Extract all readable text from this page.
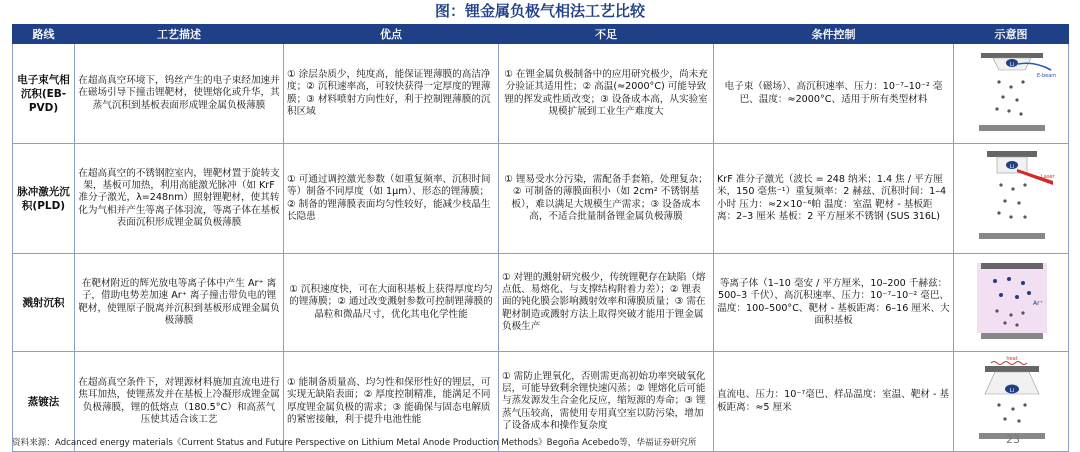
图：锂金属负极气相法工艺比较
路线	工艺描述	优点	不足	条件控制	示意图
电子束气相沉积(EB-PVD)	在超高真空环境下，钨丝产生的电子束经加速并在磁场引导下撞击锂靶材，使锂熔化或升华，其蒸气沉积到基板表面形成锂金属负极薄膜	① 涂层杂质少，纯度高，能保证锂薄膜的高洁净度；② 沉积速率高，可较快获得一定厚度的锂薄膜；③ 材料喷射方向性好，利于控制锂薄膜的沉积区域	① 在锂金属负极制备中的应用研究极少，尚未充分验证其适用性；② 高温(≈2000°C) 可能导致锂的挥发或性质改变；③ 设备成本高，从实验室规模扩展到工业生产难度大	电子束（磁场）、高沉积速率、压力：10⁻⁷–10⁻² 毫巴、温度：≈2000°C、适用于所有类型材料	Li
E-beam

脉冲激光沉积(PLD)	在超高真空的不锈钢腔室内，锂靶材置于旋转支架，基板可加热，利用高能激光脉冲（如 KrF 准分子激光，λ=248nm）照射锂靶材，使其转化为气相并产生等离子体羽流，等离子体在基板表面沉积形成锂金属负极薄膜	① 可通过调控激光参数（如重复频率、沉积时间等）制备不同厚度（如 1μm）、形态的锂薄膜；② 制备的锂薄膜表面均匀性较好，能减少枝晶生长隐患	① 锂易受水分污染，需配备手套箱，处理复杂；② 可制备的薄膜面积小（如 2cm² 不锈钢基板），难以满足大规模生产需求；③ 设备成本高，不适合批量制备锂金属负极薄膜	KrF 准分子激光（波长 = 248 纳米；1.4 焦 / 平方厘米，150 毫焦⁻¹）重复频率：2 赫兹、沉积时间：1–4 小时 压力：≈2×10⁻⁶帕 温度：室温 靶材 - 基板距离：2–3 厘米 基板：2 平方厘米不锈钢 (SUS 316L)	Li
Laser

溅射沉积	在靶材附近的辉光放电等离子体中产生 Ar⁺ 离子，借助电势差加速 Ar⁺ 离子撞击带负电的锂靶材，使锂原子脱离并沉积到基板形成锂金属负极薄膜	① 沉积速度快，可在大面积基板上获得厚度均匀的锂薄膜；② 通过改变溅射参数可控制锂薄膜的晶粒和微晶尺寸，优化其电化学性能	① 对锂的溅射研究极少，传统锂靶存在缺陷（熔点低、易熔化、与支撑结构附着力差）；② 锂表面的钝化膜会影响溅射效率和薄膜质量；③ 需在靶材制造或溅射方法上取得突破才能用于锂金属负极生产	等离子体（1–10 毫安 / 平方厘米，10–200 千赫兹：500–3 千伏）、高沉积速率、压力：10⁻⁷–10⁻² 毫巴、温度：100–500°C、靶材 - 基板距离：6–16 厘米、大面积基板	Ar⁺

蒸镀法	在超高真空条件下，对锂源材料施加直流电进行焦耳加热，使锂蒸发并在基板上冷凝形成锂金属负极薄膜，锂的低熔点（180.5°C）和高蒸气压使其适合该工艺	① 能制备质量高、均匀性和保形性好的锂层，可实现无缺陷表面；② 厚度控制精准，能满足不同厚度锂金属负极的需求；③ 能确保与固态电解质的紧密接触，利于提升电池性能	① 需防止锂氧化，否则需更高初始功率突破氧化层，可能导致剩余锂快速闪蒸；② 锂熔化后可能与蒸发源发生合金化反应，缩短源的寿命；③ 锂蒸气压较高，需使用专用真空室以防污染，增加了设备成本和操作复杂度	直流电、压力：10⁻⁷毫巴、样品温度：室温、靶材 - 基板距离：≈5 厘米	heat
Li
资料来源：Adcanced energy materials《Current Status and Future Perspective on Lithium Metal Anode Production Methods》Begoña Acebedo等，华福证券研究所	23
